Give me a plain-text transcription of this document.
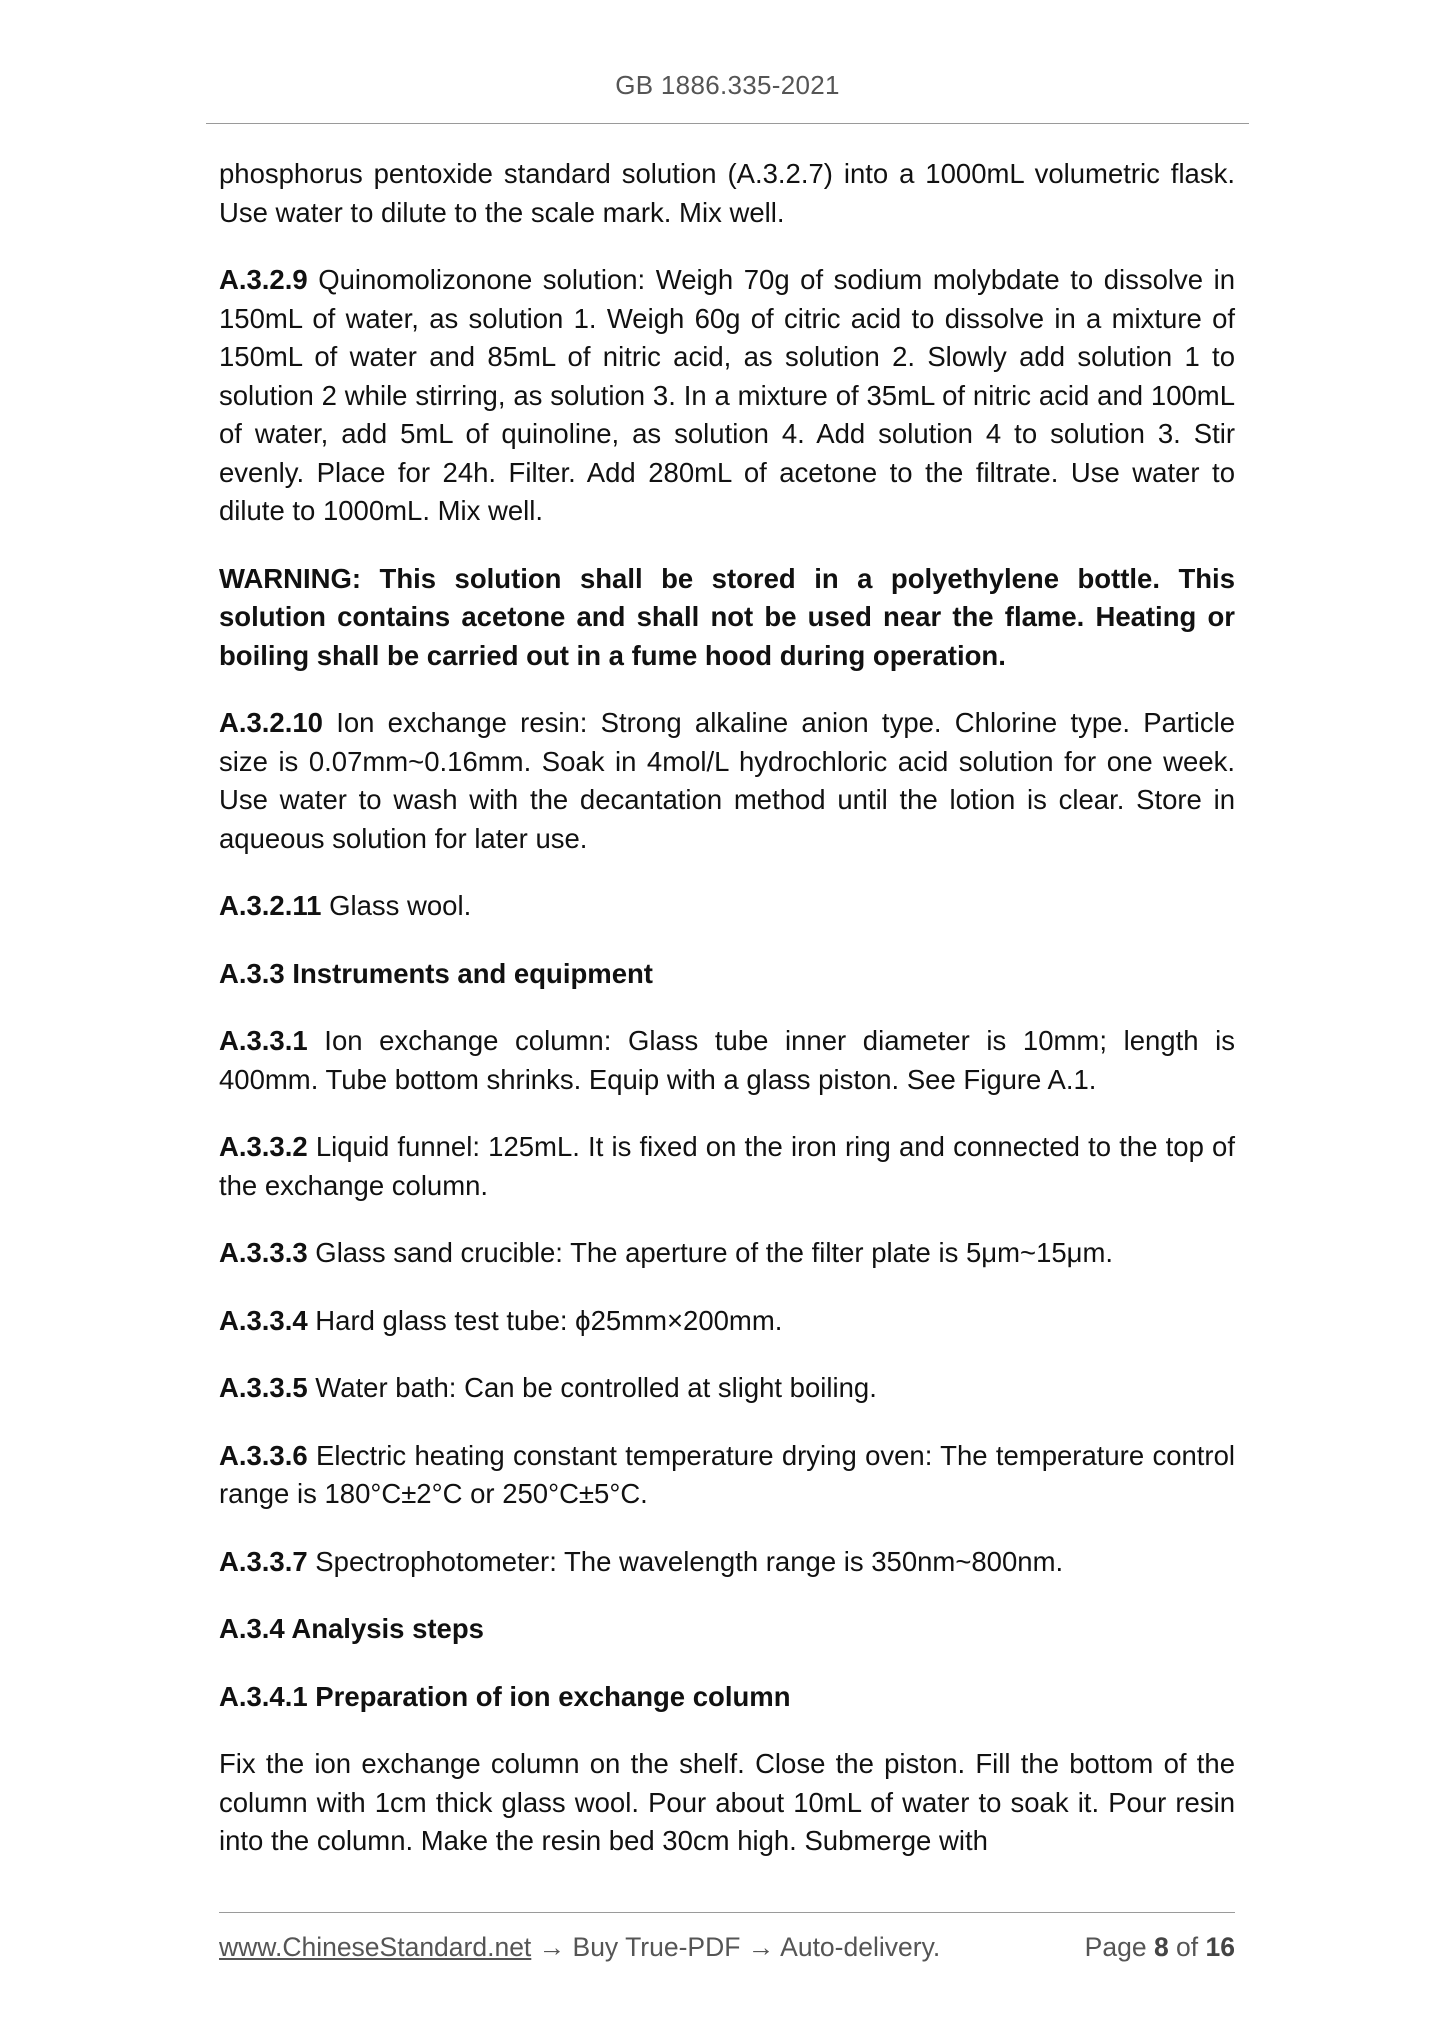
GB 1886.335-2021

phosphorus pentoxide standard solution (A.3.2.7) into a 1000mL volumetric flask. Use water to dilute to the scale mark. Mix well.

A.3.2.9 Quinomolizonone solution: Weigh 70g of sodium molybdate to dissolve in 150mL of water, as solution 1. Weigh 60g of citric acid to dissolve in a mixture of 150mL of water and 85mL of nitric acid, as solution 2. Slowly add solution 1 to solution 2 while stirring, as solution 3. In a mixture of 35mL of nitric acid and 100mL of water, add 5mL of quinoline, as solution 4. Add solution 4 to solution 3. Stir evenly. Place for 24h. Filter. Add 280mL of acetone to the filtrate. Use water to dilute to 1000mL. Mix well.

WARNING: This solution shall be stored in a polyethylene bottle. This solution contains acetone and shall not be used near the flame. Heating or boiling shall be carried out in a fume hood during operation.

A.3.2.10 Ion exchange resin: Strong alkaline anion type. Chlorine type. Particle size is 0.07mm~0.16mm. Soak in 4mol/L hydrochloric acid solution for one week. Use water to wash with the decantation method until the lotion is clear. Store in aqueous solution for later use.

A.3.2.11 Glass wool.

A.3.3 Instruments and equipment

A.3.3.1 Ion exchange column: Glass tube inner diameter is 10mm; length is 400mm. Tube bottom shrinks. Equip with a glass piston. See Figure A.1.

A.3.3.2 Liquid funnel: 125mL. It is fixed on the iron ring and connected to the top of the exchange column.

A.3.3.3 Glass sand crucible: The aperture of the filter plate is 5μm~15μm.

A.3.3.4 Hard glass test tube: ϕ25mm×200mm.

A.3.3.5 Water bath: Can be controlled at slight boiling.

A.3.3.6 Electric heating constant temperature drying oven: The temperature control range is 180°C±2°C or 250°C±5°C.

A.3.3.7 Spectrophotometer: The wavelength range is 350nm~800nm.

A.3.4 Analysis steps

A.3.4.1 Preparation of ion exchange column

Fix the ion exchange column on the shelf. Close the piston. Fill the bottom of the column with 1cm thick glass wool. Pour about 10mL of water to soak it. Pour resin into the column. Make the resin bed 30cm high. Submerge with

www.ChineseStandard.net → Buy True-PDF → Auto-delivery.	Page 8 of 16
